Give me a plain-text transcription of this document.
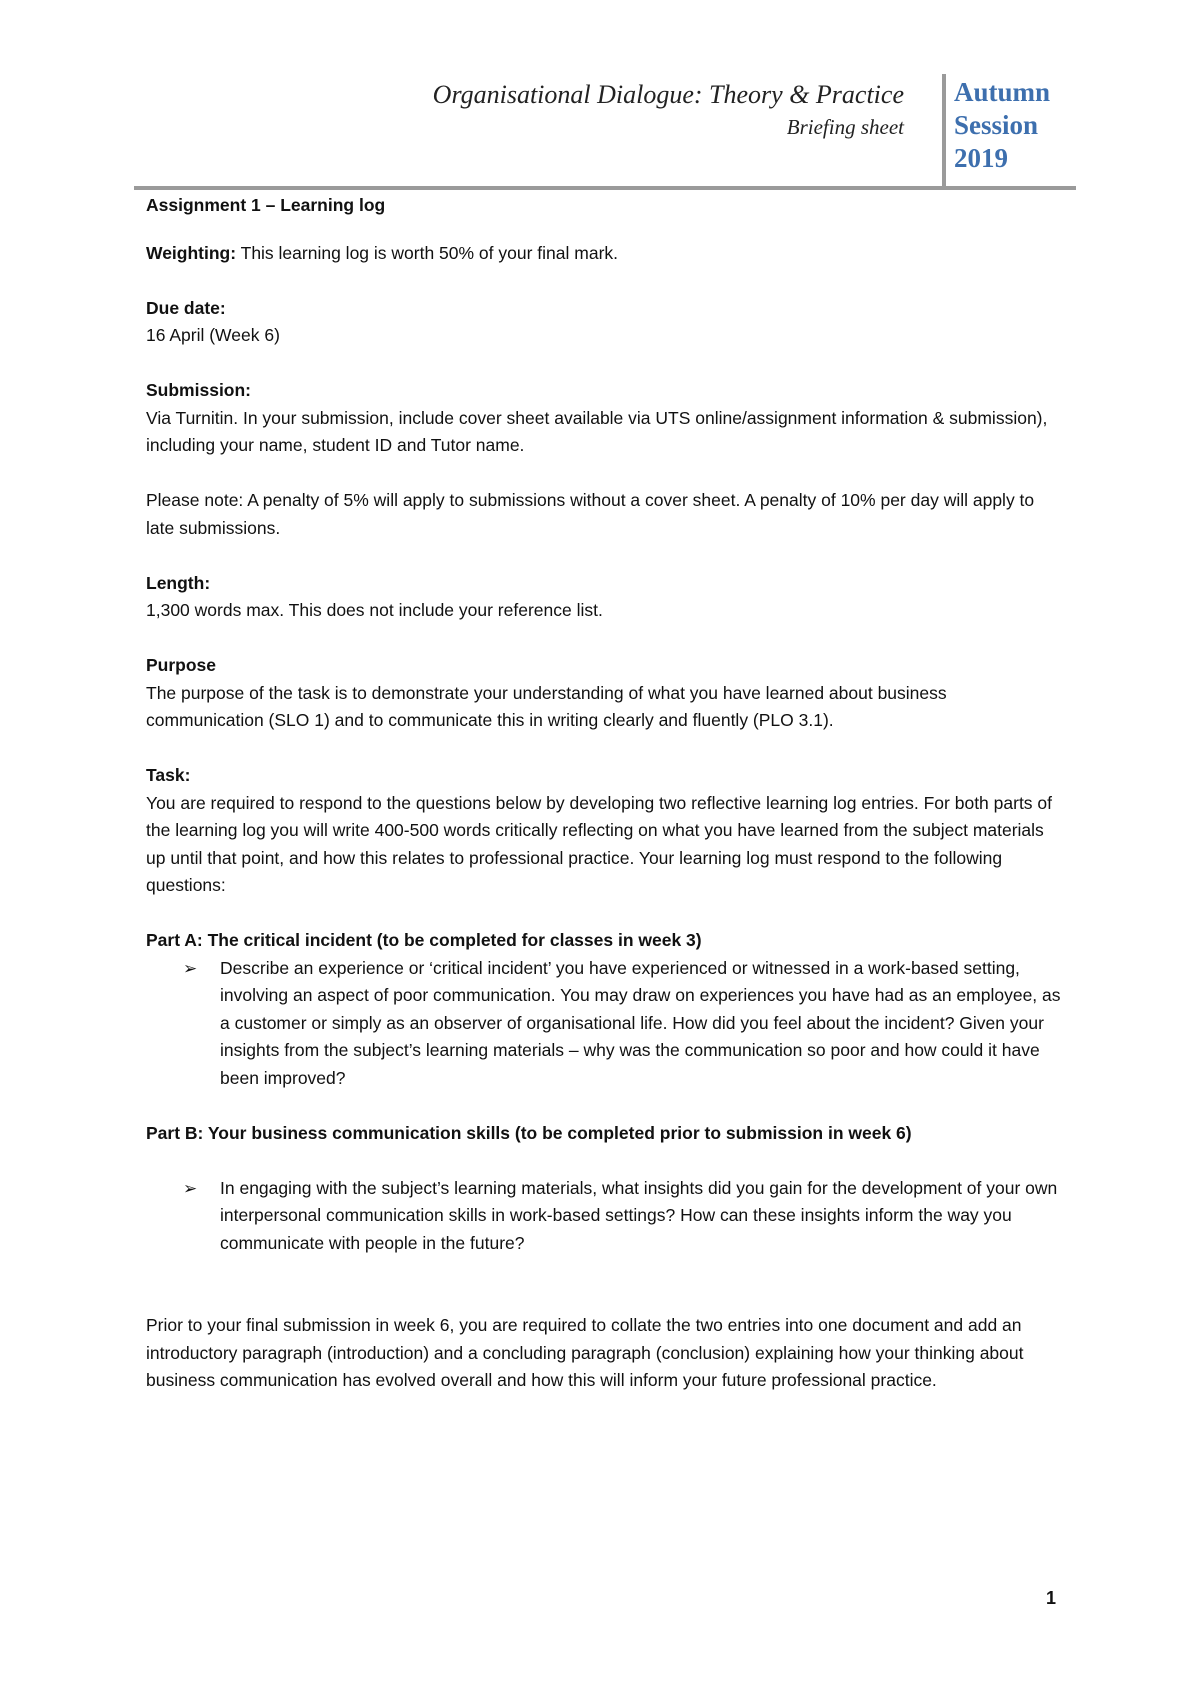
Organisational Dialogue: Theory & Practice
Briefing sheet
Autumn
Session
2019

Assignment 1 – Learning log

Weighting: This learning log is worth 50% of your final mark.

Due date:
16 April (Week 6)

Submission:
Via Turnitin. In your submission, include cover sheet available via UTS online/assignment information & submission), including your name, student ID and Tutor name.

Please note: A penalty of 5% will apply to submissions without a cover sheet. A penalty of 10% per day will apply to late submissions.

Length:
1,300 words max. This does not include your reference list.

Purpose
The purpose of the task is to demonstrate your understanding of what you have learned about business communication (SLO 1) and to communicate this in writing clearly and fluently (PLO 3.1).

Task:
You are required to respond to the questions below by developing two reflective learning log entries. For both parts of the learning log you will write 400-500 words critically reflecting on what you have learned from the subject materials up until that point, and how this relates to professional practice. Your learning log must respond to the following questions:

Part A: The critical incident (to be completed for classes in week 3)
➢	Describe an experience or ‘critical incident’ you have experienced or witnessed in a work-based setting, involving an aspect of poor communication. You may draw on experiences you have had as an employee, as a customer or simply as an observer of organisational life. How did you feel about the incident? Given your insights from the subject’s learning materials – why was the communication so poor and how could it have been improved?
Part B: Your business communication skills (to be completed prior to submission in week 6)
➢	In engaging with the subject’s learning materials, what insights did you gain for the development of your own interpersonal communication skills in work-based settings? How can these insights inform the way you communicate with people in the future?

Prior to your final submission in week 6, you are required to collate the two entries into one document and add an introductory paragraph (introduction) and a concluding paragraph (conclusion) explaining how your thinking about business communication has evolved overall and how this will inform your future professional practice.

1
